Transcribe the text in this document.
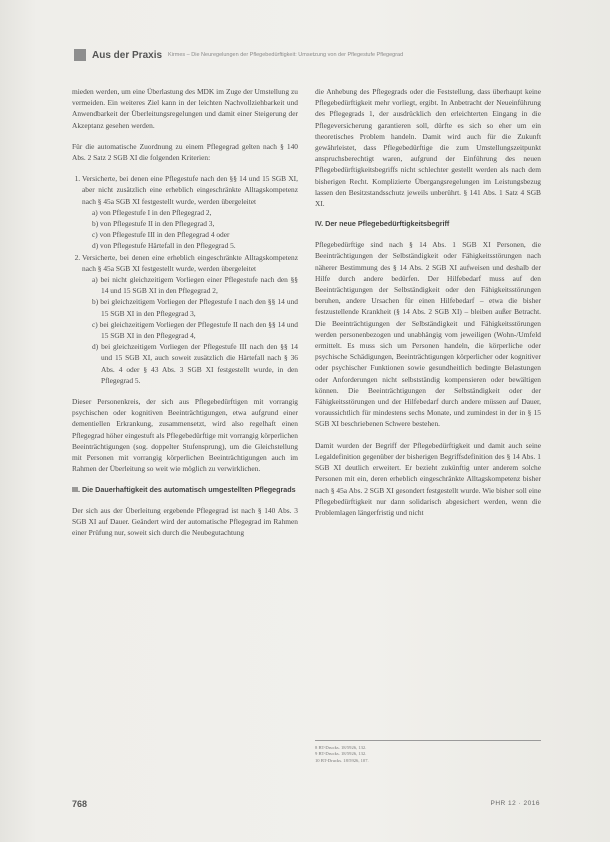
Aus der Praxis Kirmes – Die Neuregelungen der Pflegebedürftigkeit: Umsetzung von der Pflegestufe Pflegegrad

mieden werden, um eine Überlastung des MDK im Zuge der Umstellung zu vermeiden. Ein weiteres Ziel kann in der leichten Nachvollziehbarkeit und Anwendbarkeit der Überleitungsregelungen und damit einer Steigerung der Akzeptanz gesehen werden.

Für die automatische Zuordnung zu einem Pflegegrad gelten nach § 140 Abs. 2 Satz 2 SGB XI die folgenden Kriterien:

1. Versicherte, bei denen eine Pflegestufe nach den §§ 14 und 15 SGB XI, aber nicht zusätzlich eine erheblich eingeschränkte Alltagskompetenz nach § 45a SGB XI festgestellt wurde, werden übergeleitet
a) von Pflegestufe I in den Pflegegrad 2,
b) von Pflegestufe II in den Pflegegrad 3,
c) von Pflegestufe III in den Pflegegrad 4 oder
d) von Pflegestufe Härtefall in den Pflegegrad 5.
2. Versicherte, bei denen eine erheblich eingeschränkte Alltagskompetenz nach § 45a SGB XI festgestellt wurde, werden übergeleitet
a) bei nicht gleichzeitigem Vorliegen einer Pflegestufe nach den §§ 14 und 15 SGB XI in den Pflegegrad 2,
b) bei gleichzeitigem Vorliegen der Pflegestufe I nach den §§ 14 und 15 SGB XI in den Pflegegrad 3,
c) bei gleichzeitigem Vorliegen der Pflegestufe II nach den §§ 14 und 15 SGB XI in den Pflegegrad 4,
d) bei gleichzeitigem Vorliegen der Pflegestufe III nach den §§ 14 und 15 SGB XI, auch soweit zusätzlich die Härtefall nach § 36 Abs. 4 oder § 43 Abs. 3 SGB XI festgestellt wurde, in den Pflegegrad 5.

Dieser Personenkreis, der sich aus Pflegebedürftigen mit vorrangig psychischen oder kognitiven Beeinträchtigungen, etwa aufgrund einer dementiellen Erkrankung, zusammensetzt, wird also regelhaft einen Pflegegrad höher eingestuft als Pflegebedürftige mit vorrangig körperlichen Beeinträchtigungen (sog. doppelter Stufensprung), um die Gleichstellung mit Personen mit vorrangig körperlichen Beeinträchtigungen auch im Rahmen der Überleitung so weit wie möglich zu verwirklichen.

III. Die Dauerhaftigkeit des automatisch umgestellten Pflegegrads

Der sich aus der Überleitung ergebende Pflegegrad ist nach § 140 Abs. 3 SGB XI auf Dauer. Geändert wird der automatische Pflegegrad im Rahmen einer Prüfung nur, soweit sich durch die Neubegutachtung

die Anhebung des Pflegegrads oder die Feststellung, dass überhaupt keine Pflegebedürftigkeit mehr vorliegt, ergibt. In Anbetracht der Neueinführung des Pflegegrads 1, der ausdrücklich den erleichterten Eingang in die Pflegeversicherung garantieren soll, dürfte es sich so eher um ein theoretisches Problem handeln. Damit wird auch für die Zukunft gewährleistet, dass Pflegebedürftige die zum Umstellungszeitpunkt anspruchsberechtigt waren, aufgrund der Einführung des neuen Pflegebedürftigkeitsbegriffs nicht schlechter gestellt werden als nach dem bisherigen Recht. Komplizierte Übergangsregelungen im Leistungsbezug lassen den Besitzstandsschutz jeweils unberührt. § 141 Abs. 1 Satz 4 SGB XI.

IV. Der neue Pflegebedürftigkeitsbegriff

Pflegebedürftige sind nach § 14 Abs. 1 SGB XI Personen, die Beeinträchtigungen der Selbständigkeit oder Fähigkeitsstörungen nach näherer Bestimmung des § 14 Abs. 2 SGB XI aufweisen und deshalb der Hilfe durch andere bedürfen. Der Hilfebedarf muss auf den Beeinträchtigungen der Selbständigkeit oder den Fähigkeitsstörungen beruhen, andere Ursachen für einen Hilfebedarf – etwa die bisher festzustellende Krankheit (§ 14 Abs. 2 SGB XI) – bleiben außer Betracht. Die Beeinträchtigungen der Selbständigkeit und Fähigkeitsstörungen werden personenbezogen und unabhängig vom jeweiligen (Wohn-/Umfeld ermittelt. Es muss sich um Personen handeln, die körperliche oder psychische Schädigungen, Beeinträchtigungen körperlicher oder kognitiver oder psychischer Funktionen sowie gesundheitlich bedingte Belastungen oder Anforderungen nicht selbstständig kompensieren oder bewältigen können. Die Beeinträchtigungen der Selbständigkeit oder der Fähigkeitsstörungen und der Hilfebedarf durch andere müssen auf Dauer, voraussichtlich für mindestens sechs Monate, und zumindest in der in § 15 SGB XI beschriebenen Schwere bestehen.

Damit wurden der Begriff der Pflegebedürftigkeit und damit auch seine Legaldefinition gegenüber der bisherigen Begriffsdefinition des § 14 Abs. 1 SGB XI deutlich erweitert. Er bezieht zukünftig unter anderem solche Personen mit ein, deren erheblich eingeschränkte Alltagskompetenz bisher nach § 45a Abs. 2 SGB XI gesondert festgestellt wurde. Wie bisher soll eine Pflegebedürftigkeit nur dann solidarisch abgesichert werden, wenn die Problemlagen längerfristig und nicht

8 BT-Drucks. 18/5926, 132.
9 BT-Drucks. 18/5926, 132.
10 BT-Drucks. 18/5926, 107.
768	PHR 12 · 2016
